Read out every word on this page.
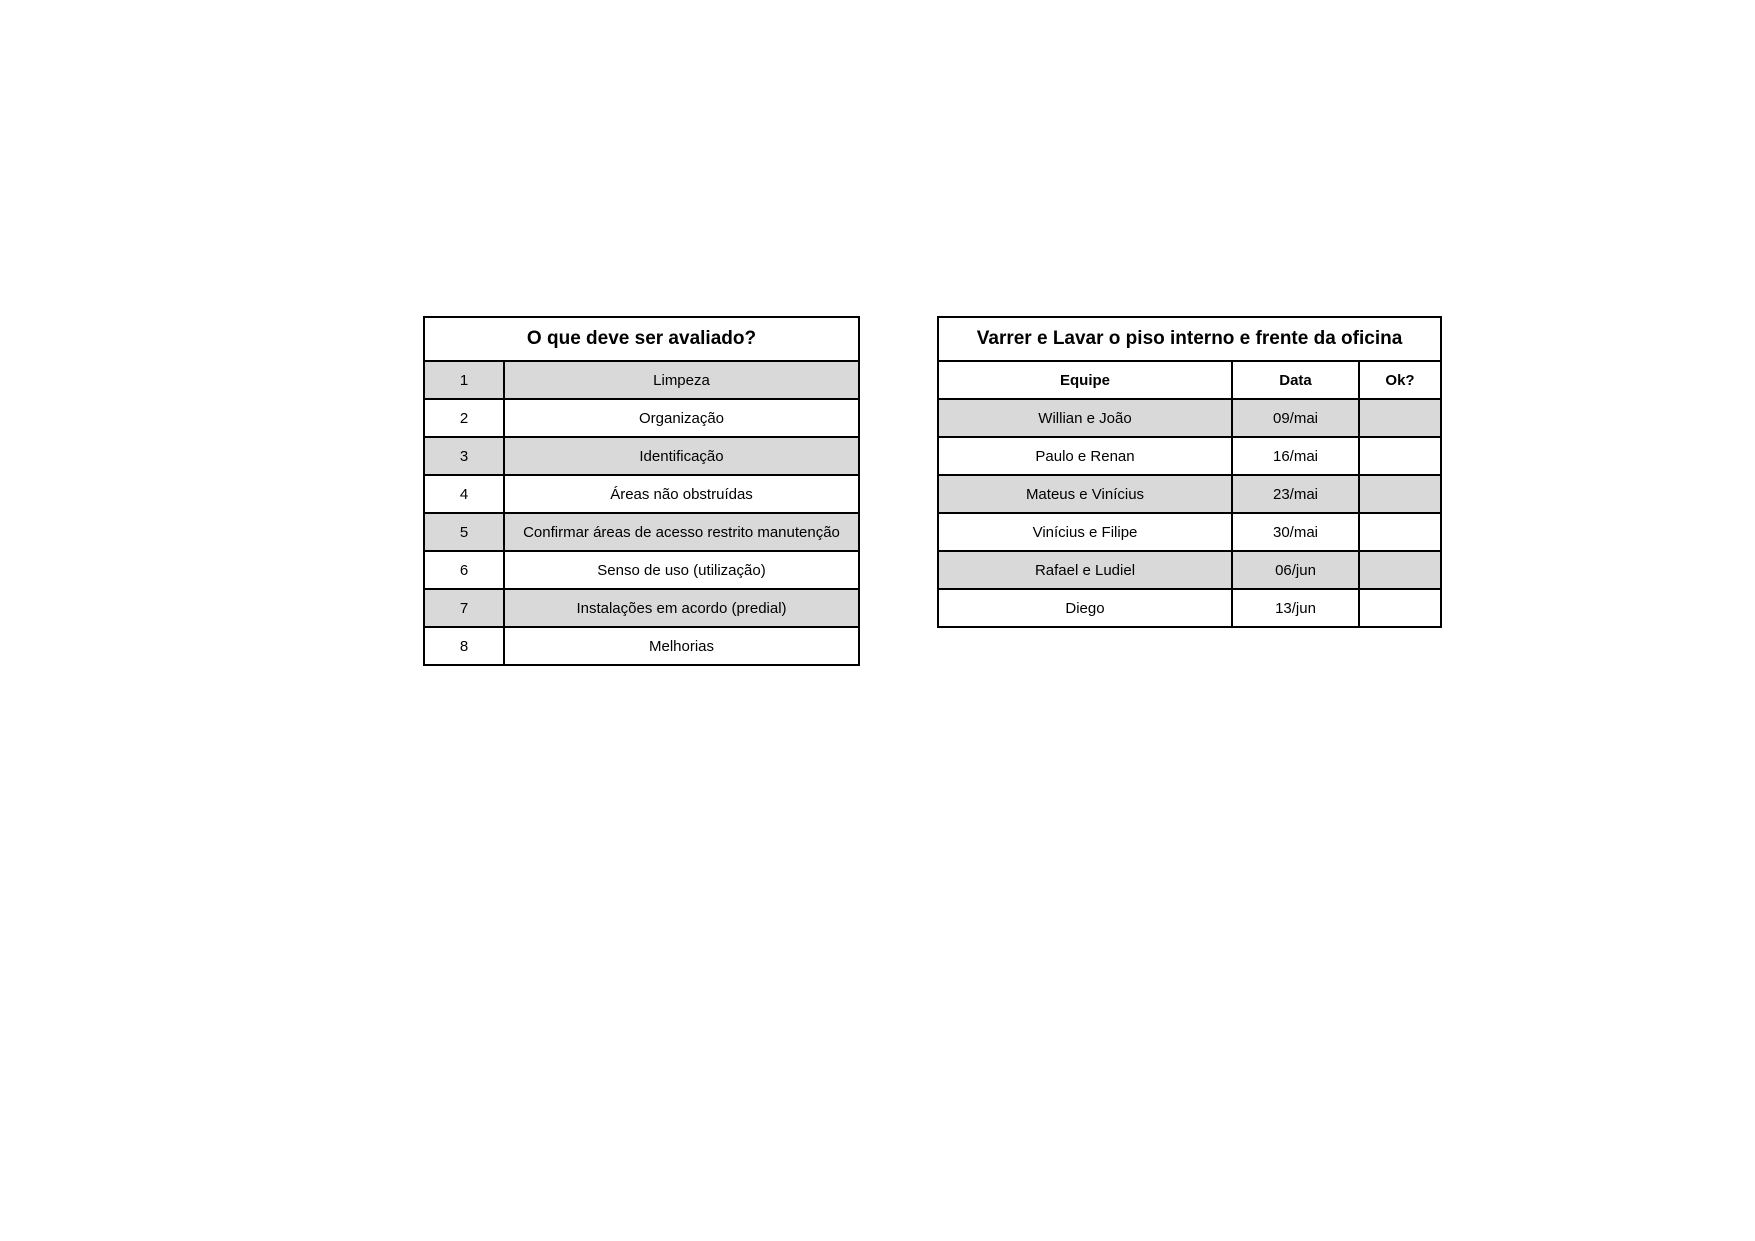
O que deve ser avaliado?	
1	Limpeza
2	Organização
3	Identificação
4	Áreas não obstruídas
5	Confirmar áreas de acesso restrito manutenção
6	Senso de uso (utilização)
7	Instalações em acordo (predial)
8	Melhorias
Varrer e Lavar o piso interno e frente da oficina		
Equipe	Data	Ok?
Willian e João	09/mai	
Paulo e Renan	16/mai	
Mateus e Vinícius	23/mai	
Vinícius e Filipe	30/mai	
Rafael e Ludiel	06/jun	
Diego	13/jun	
